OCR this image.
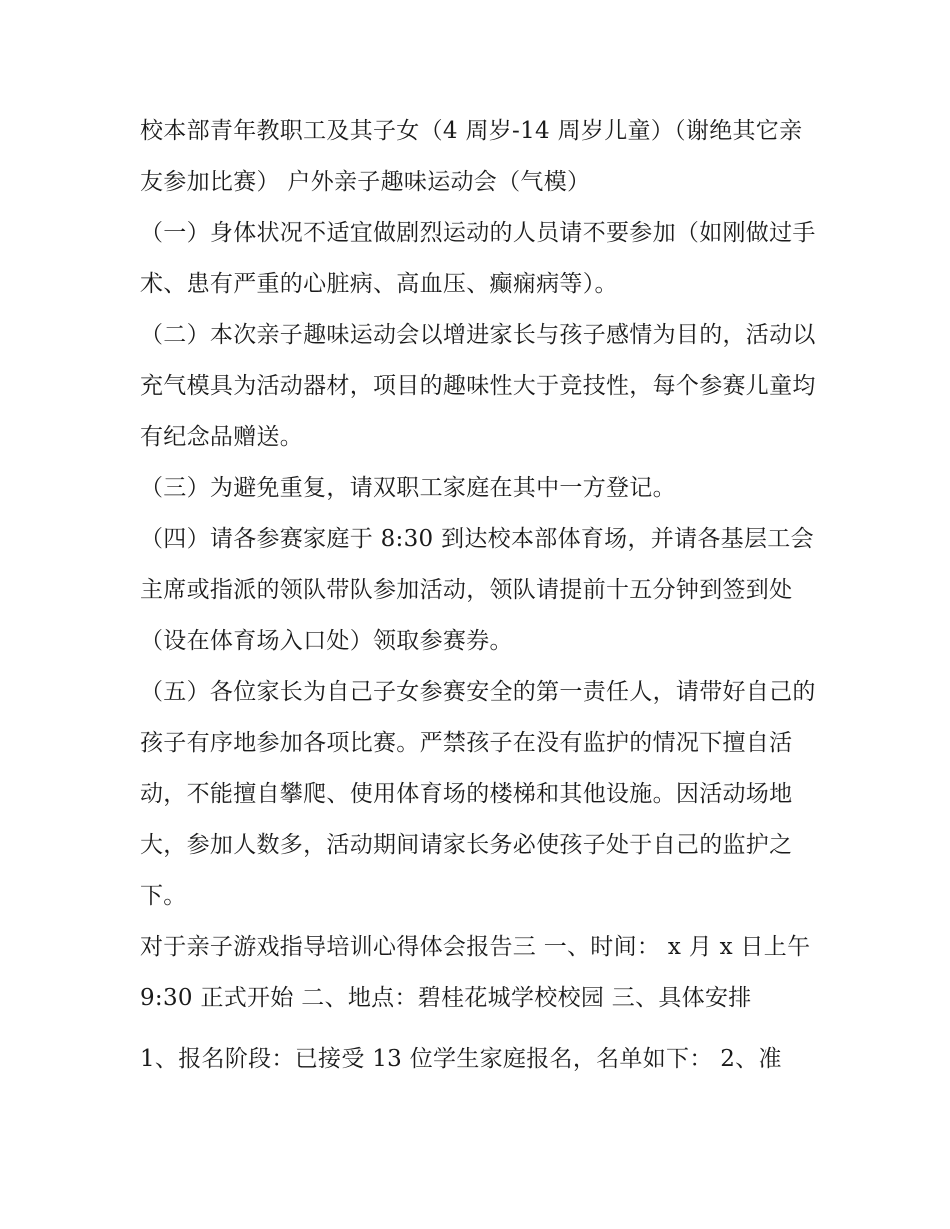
校本部青年教职工及其子女（4 周岁-14 周岁儿童）（谢绝其它亲友参加比赛） 户外亲子趣味运动会（气模）

（一）身体状况不适宜做剧烈运动的人员请不要参加（如刚做过手术、患有严重的心脏病、高血压、癫痫病等）。

（二）本次亲子趣味运动会以增进家长与孩子感情为目的，活动以充气模具为活动器材，项目的趣味性大于竞技性，每个参赛儿童均有纪念品赠送。

（三）为避免重复，请双职工家庭在其中一方登记。

（四）请各参赛家庭于 8:30 到达校本部体育场，并请各基层工会主席或指派的领队带队参加活动，领队请提前十五分钟到签到处（设在体育场入口处）领取参赛券。

（五）各位家长为自己子女参赛安全的第一责任人，请带好自己的孩子有序地参加各项比赛。严禁孩子在没有监护的情况下擅自活动，不能擅自攀爬、使用体育场的楼梯和其他设施。因活动场地大，参加人数多，活动期间请家长务必使孩子处于自己的监护之下。

对于亲子游戏指导培训心得体会报告三 一、时间： x 月 x 日上午 9:30 正式开始 二、地点：碧桂花城学校校园 三、具体安排

1、报名阶段：已接受 13 位学生家庭报名，名单如下： 2、准
